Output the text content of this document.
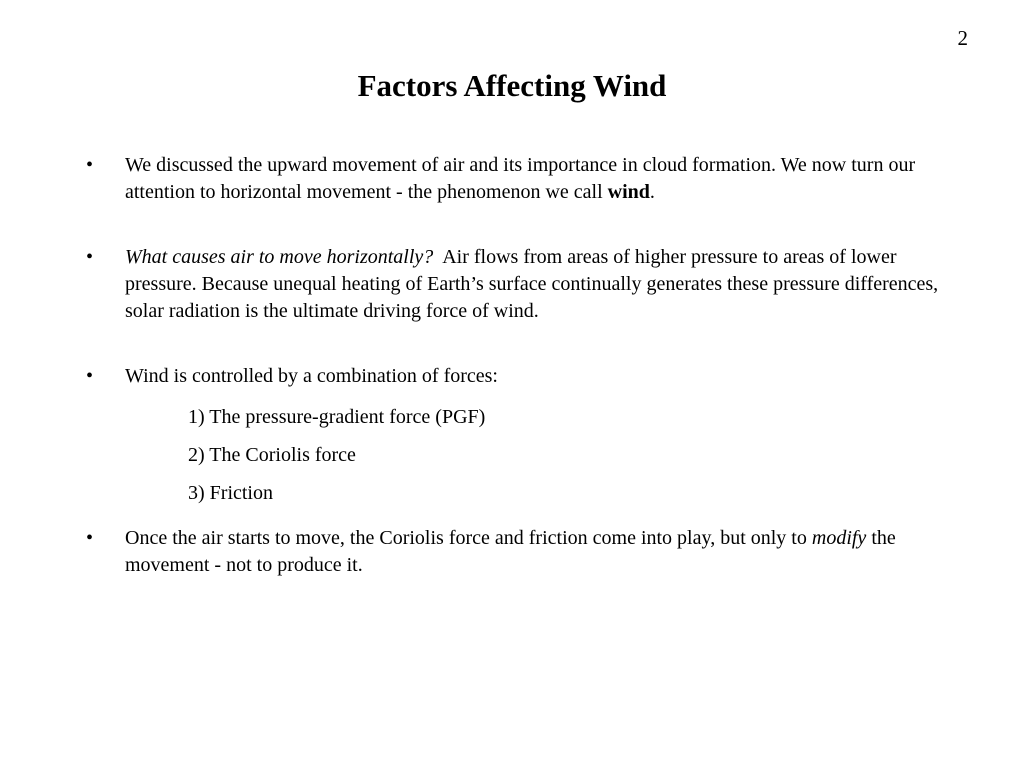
2
Factors Affecting Wind
• We discussed the upward movement of air and its importance in cloud formation. We now turn our attention to horizontal movement - the phenomenon we call wind.
• What causes air to move horizontally?  Air flows from areas of higher pressure to areas of lower pressure. Because unequal heating of Earth’s surface continually generates these pressure differences, solar radiation is the ultimate driving force of wind.
• Wind is controlled by a combination of forces:
1) The pressure-gradient force (PGF)
2) The Coriolis force
3) Friction
• Once the air starts to move, the Coriolis force and friction come into play, but only to modify the movement - not to produce it.
